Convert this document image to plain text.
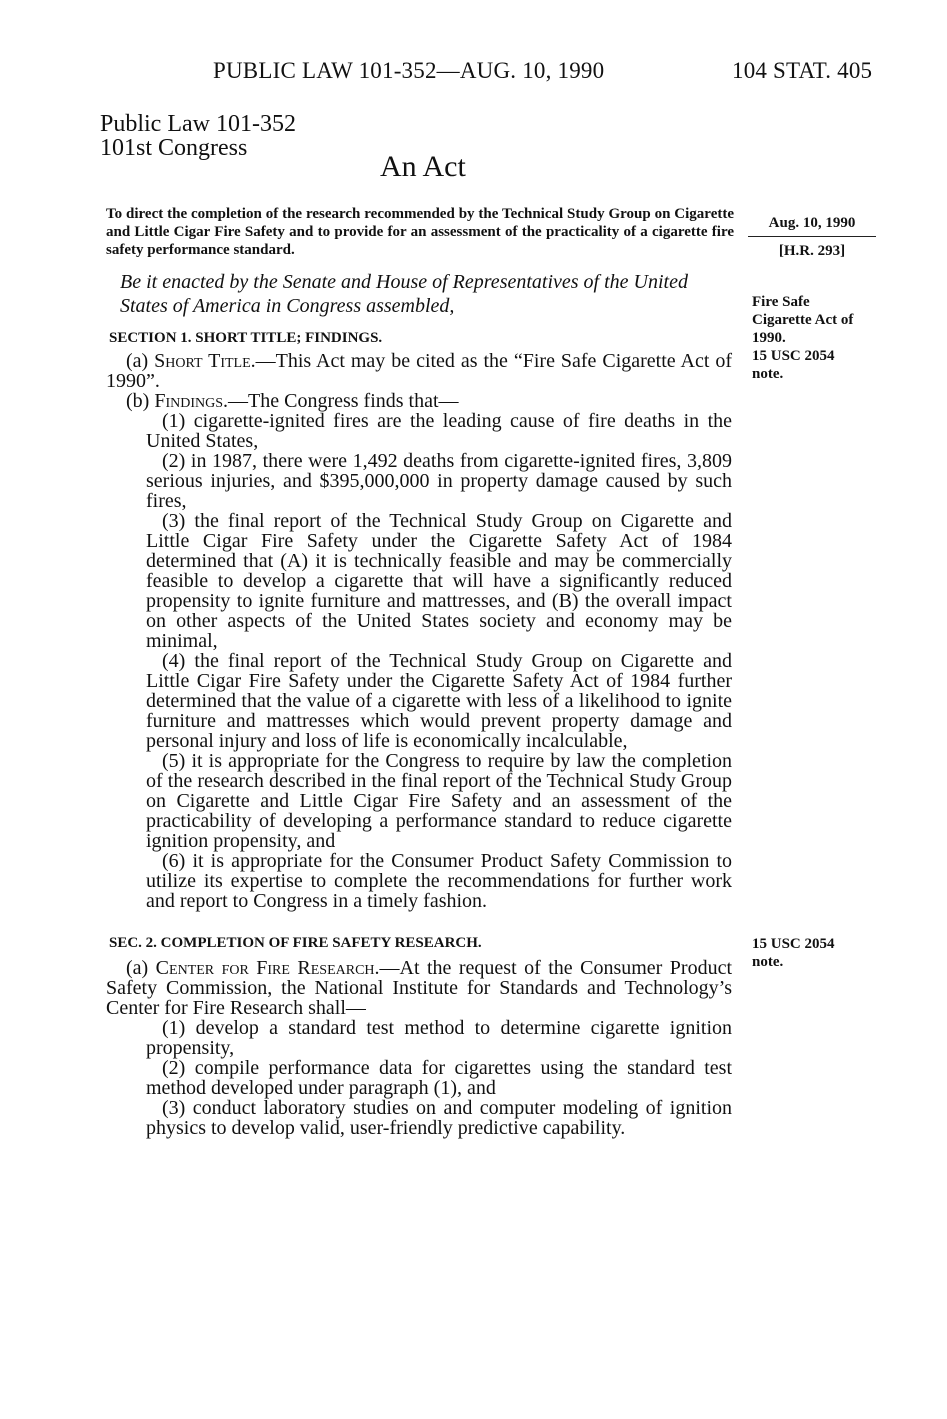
PUBLIC LAW 101-352—AUG. 10, 1990	104 STAT. 405
Public Law 101-352
101st Congress
An Act
To direct the completion of the research recommended by the Technical Study Group on Cigarette and Little Cigar Fire Safety and to provide for an assessment of the practicality of a cigarette fire safety performance standard.
Aug. 10, 1990
[H.R. 293]
Fire Safe
Cigarette Act of
1990.
15 USC 2054
note.
Be it enacted by the Senate and House of Representatives of the United States of America in Congress assembled,
SECTION 1. SHORT TITLE; FINDINGS.

(a) Short Title.—This Act may be cited as the “Fire Safe Cigarette Act of 1990”.

(b) Findings.—The Congress finds that—

(1) cigarette-ignited fires are the leading cause of fire deaths in the United States,

(2) in 1987, there were 1,492 deaths from cigarette-ignited fires, 3,809 serious injuries, and $395,000,000 in property damage caused by such fires,

(3) the final report of the Technical Study Group on Cigarette and Little Cigar Fire Safety under the Cigarette Safety Act of 1984 determined that (A) it is technically feasible and may be commercially feasible to develop a cigarette that will have a significantly reduced propensity to ignite furniture and mattresses, and (B) the overall impact on other aspects of the United States society and economy may be minimal,

(4) the final report of the Technical Study Group on Cigarette and Little Cigar Fire Safety under the Cigarette Safety Act of 1984 further determined that the value of a cigarette with less of a likelihood to ignite furniture and mattresses which would prevent property damage and personal injury and loss of life is economically incalculable,

(5) it is appropriate for the Congress to require by law the completion of the research described in the final report of the Technical Study Group on Cigarette and Little Cigar Fire Safety and an assessment of the practicability of developing a performance standard to reduce cigarette ignition propensity, and

(6) it is appropriate for the Consumer Product Safety Commission to utilize its expertise to complete the recommendations for further work and report to Congress in a timely fashion.

SEC. 2. COMPLETION OF FIRE SAFETY RESEARCH.	15 USC 2054
note.

(a) Center for Fire Research.—At the request of the Consumer Product Safety Commission, the National Institute for Standards and Technology’s Center for Fire Research shall—

(1) develop a standard test method to determine cigarette ignition propensity,

(2) compile performance data for cigarettes using the standard test method developed under paragraph (1), and

(3) conduct laboratory studies on and computer modeling of ignition physics to develop valid, user-friendly predictive capability.
